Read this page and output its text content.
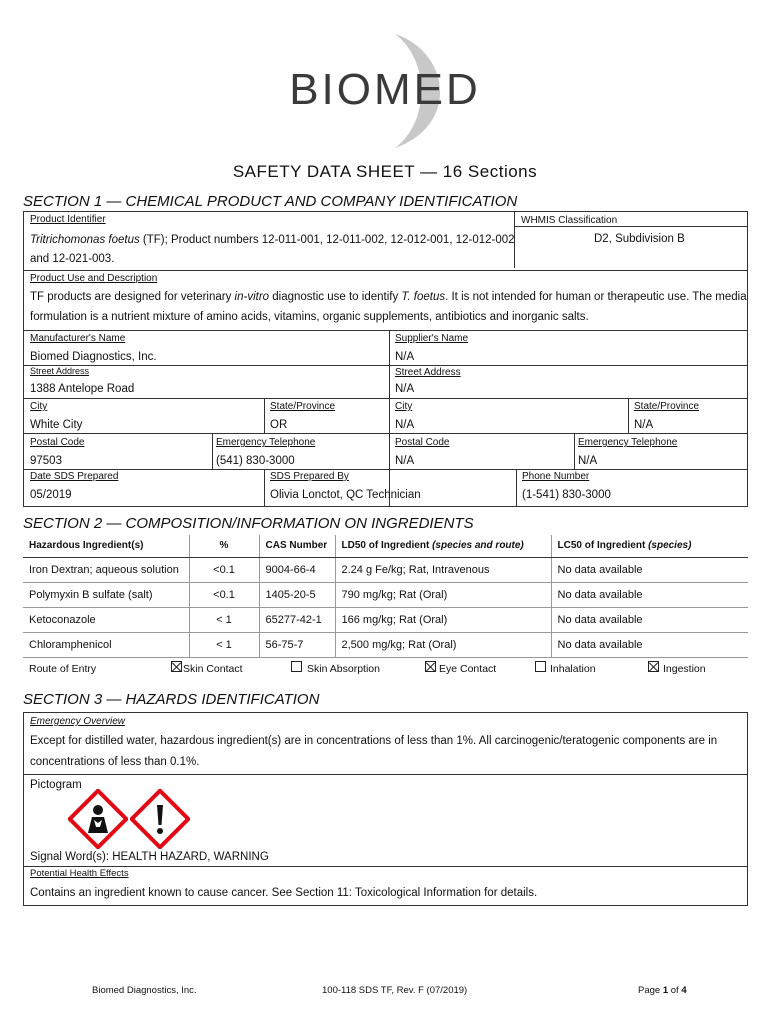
BIOMED
SAFETY DATA SHEET — 16 Sections
SECTION 1 — CHEMICAL PRODUCT AND COMPANY IDENTIFICATION
Product Identifier
Tritrichomonas foetus (TF); Product numbers 12-011-001, 12-011-002, 12-012-001, 12-012-002
and 12-021-003.
WHMIS Classification
D2, Subdivision B
Product Use and Description
TF products are designed for veterinary in-vitro diagnostic use to identify T. foetus. It is not intended for human or therapeutic use. The media
formulation is a nutrient mixture of amino acids, vitamins, organic supplements, antibiotics and inorganic salts.
Manufacturer's Name
Biomed Diagnostics, Inc.
Supplier's Name
N/A
Street Address
1388 Antelope Road
Street Address
N/A
City
White City
State/Province
OR
City
N/A
State/Province
N/A
Postal Code
97503
Emergency Telephone
(541) 830-3000
Postal Code
N/A
Emergency Telephone
N/A
Date SDS Prepared
05/2019
SDS Prepared By
Olivia Lonctot, QC Technician
Phone Number
(1-541) 830-3000
SECTION 2 — COMPOSITION/INFORMATION ON INGREDIENTS
Hazardous Ingredient(s)	%	CAS Number	LD50 of Ingredient (species and route)	LC50 of Ingredient (species)
Iron Dextran; aqueous solution	<0.1	9004-66-4	2.24 g Fe/kg; Rat, Intravenous	No data available
Polymyxin B sulfate (salt)	<0.1	1405-20-5	790 mg/kg; Rat (Oral)	No data available
Ketoconazole	< 1	65277-42-1	166 mg/kg; Rat (Oral)	No data available
Chloramphenicol	< 1	56-75-7	2,500 mg/kg; Rat (Oral)	No data available
Route of Entry	Skin Contact	Skin Absorption	Eye Contact	Inhalation	Ingestion
SECTION 3 — HAZARDS IDENTIFICATION
Emergency Overview
Except for distilled water, hazardous ingredient(s) are in concentrations of less than 1%. All carcinogenic/teratogenic components are in
concentrations of less than 0.1%.
Pictogram
Signal Word(s): HEALTH HAZARD, WARNING
Potential Health Effects
Contains an ingredient known to cause cancer. See Section 11: Toxicological Information for details.
Biomed Diagnostics, Inc.	100-118 SDS TF, Rev. F (07/2019)	Page 1 of 4
